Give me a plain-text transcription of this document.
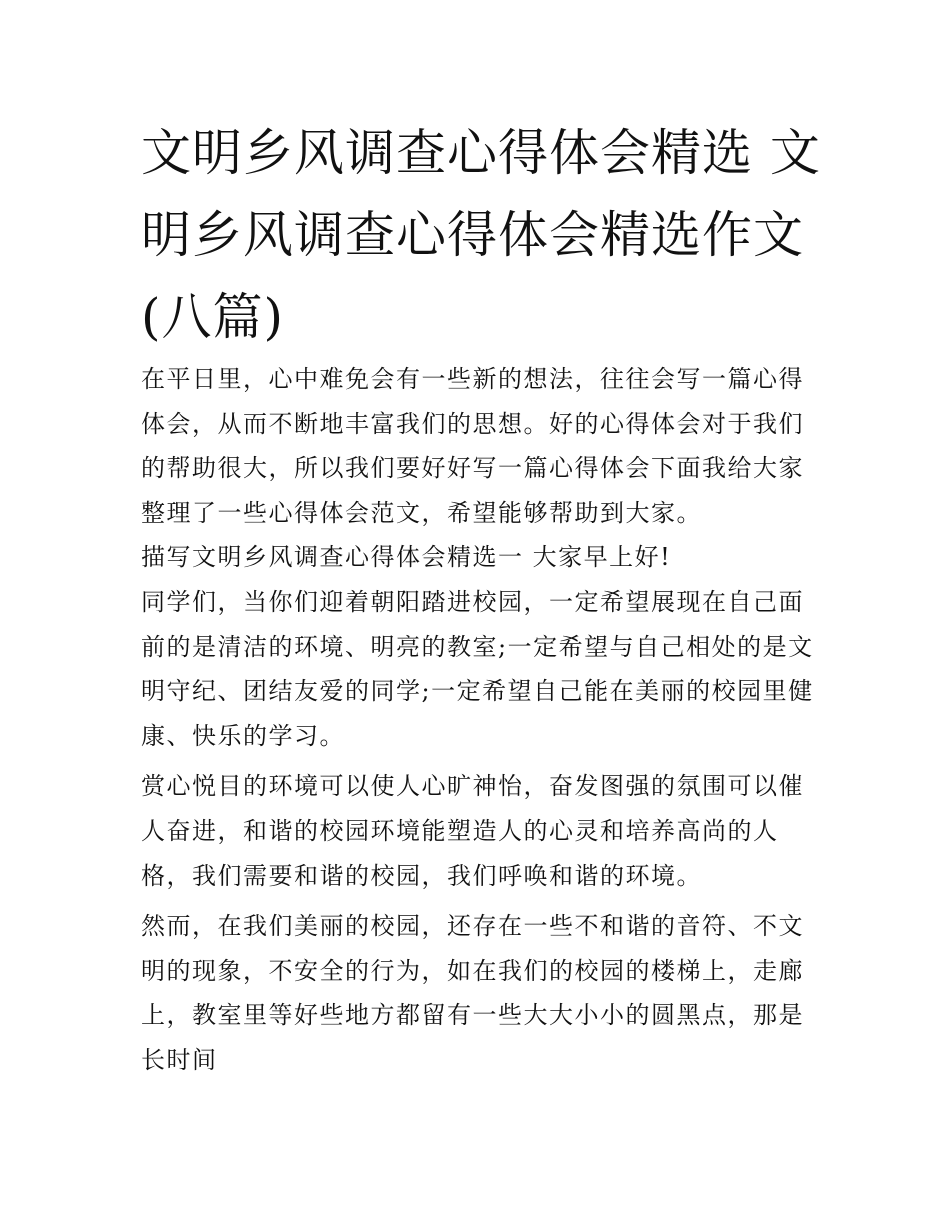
文明乡风调查心得体会精选 文明乡风调查心得体会精选作文(八篇)

在平日里，心中难免会有一些新的想法，往往会写一篇心得体会，从而不断地丰富我们的思想。好的心得体会对于我们的帮助很大，所以我们要好好写一篇心得体会下面我给大家整理了一些心得体会范文，希望能够帮助到大家。

描写文明乡风调查心得体会精选一 大家早上好!

同学们，当你们迎着朝阳踏进校园，一定希望展现在自己面前的是清洁的环境、明亮的教室;一定希望与自己相处的是文明守纪、团结友爱的同学;一定希望自己能在美丽的校园里健康、快乐的学习。

赏心悦目的环境可以使人心旷神怡，奋发图强的氛围可以催人奋进，和谐的校园环境能塑造人的心灵和培养高尚的人格，我们需要和谐的校园，我们呼唤和谐的环境。

然而，在我们美丽的校园，还存在一些不和谐的音符、不文明的现象，不安全的行为，如在我们的校园的楼梯上，走廊上，教室里等好些地方都留有一些大大小小的圆黑点，那是长时间
